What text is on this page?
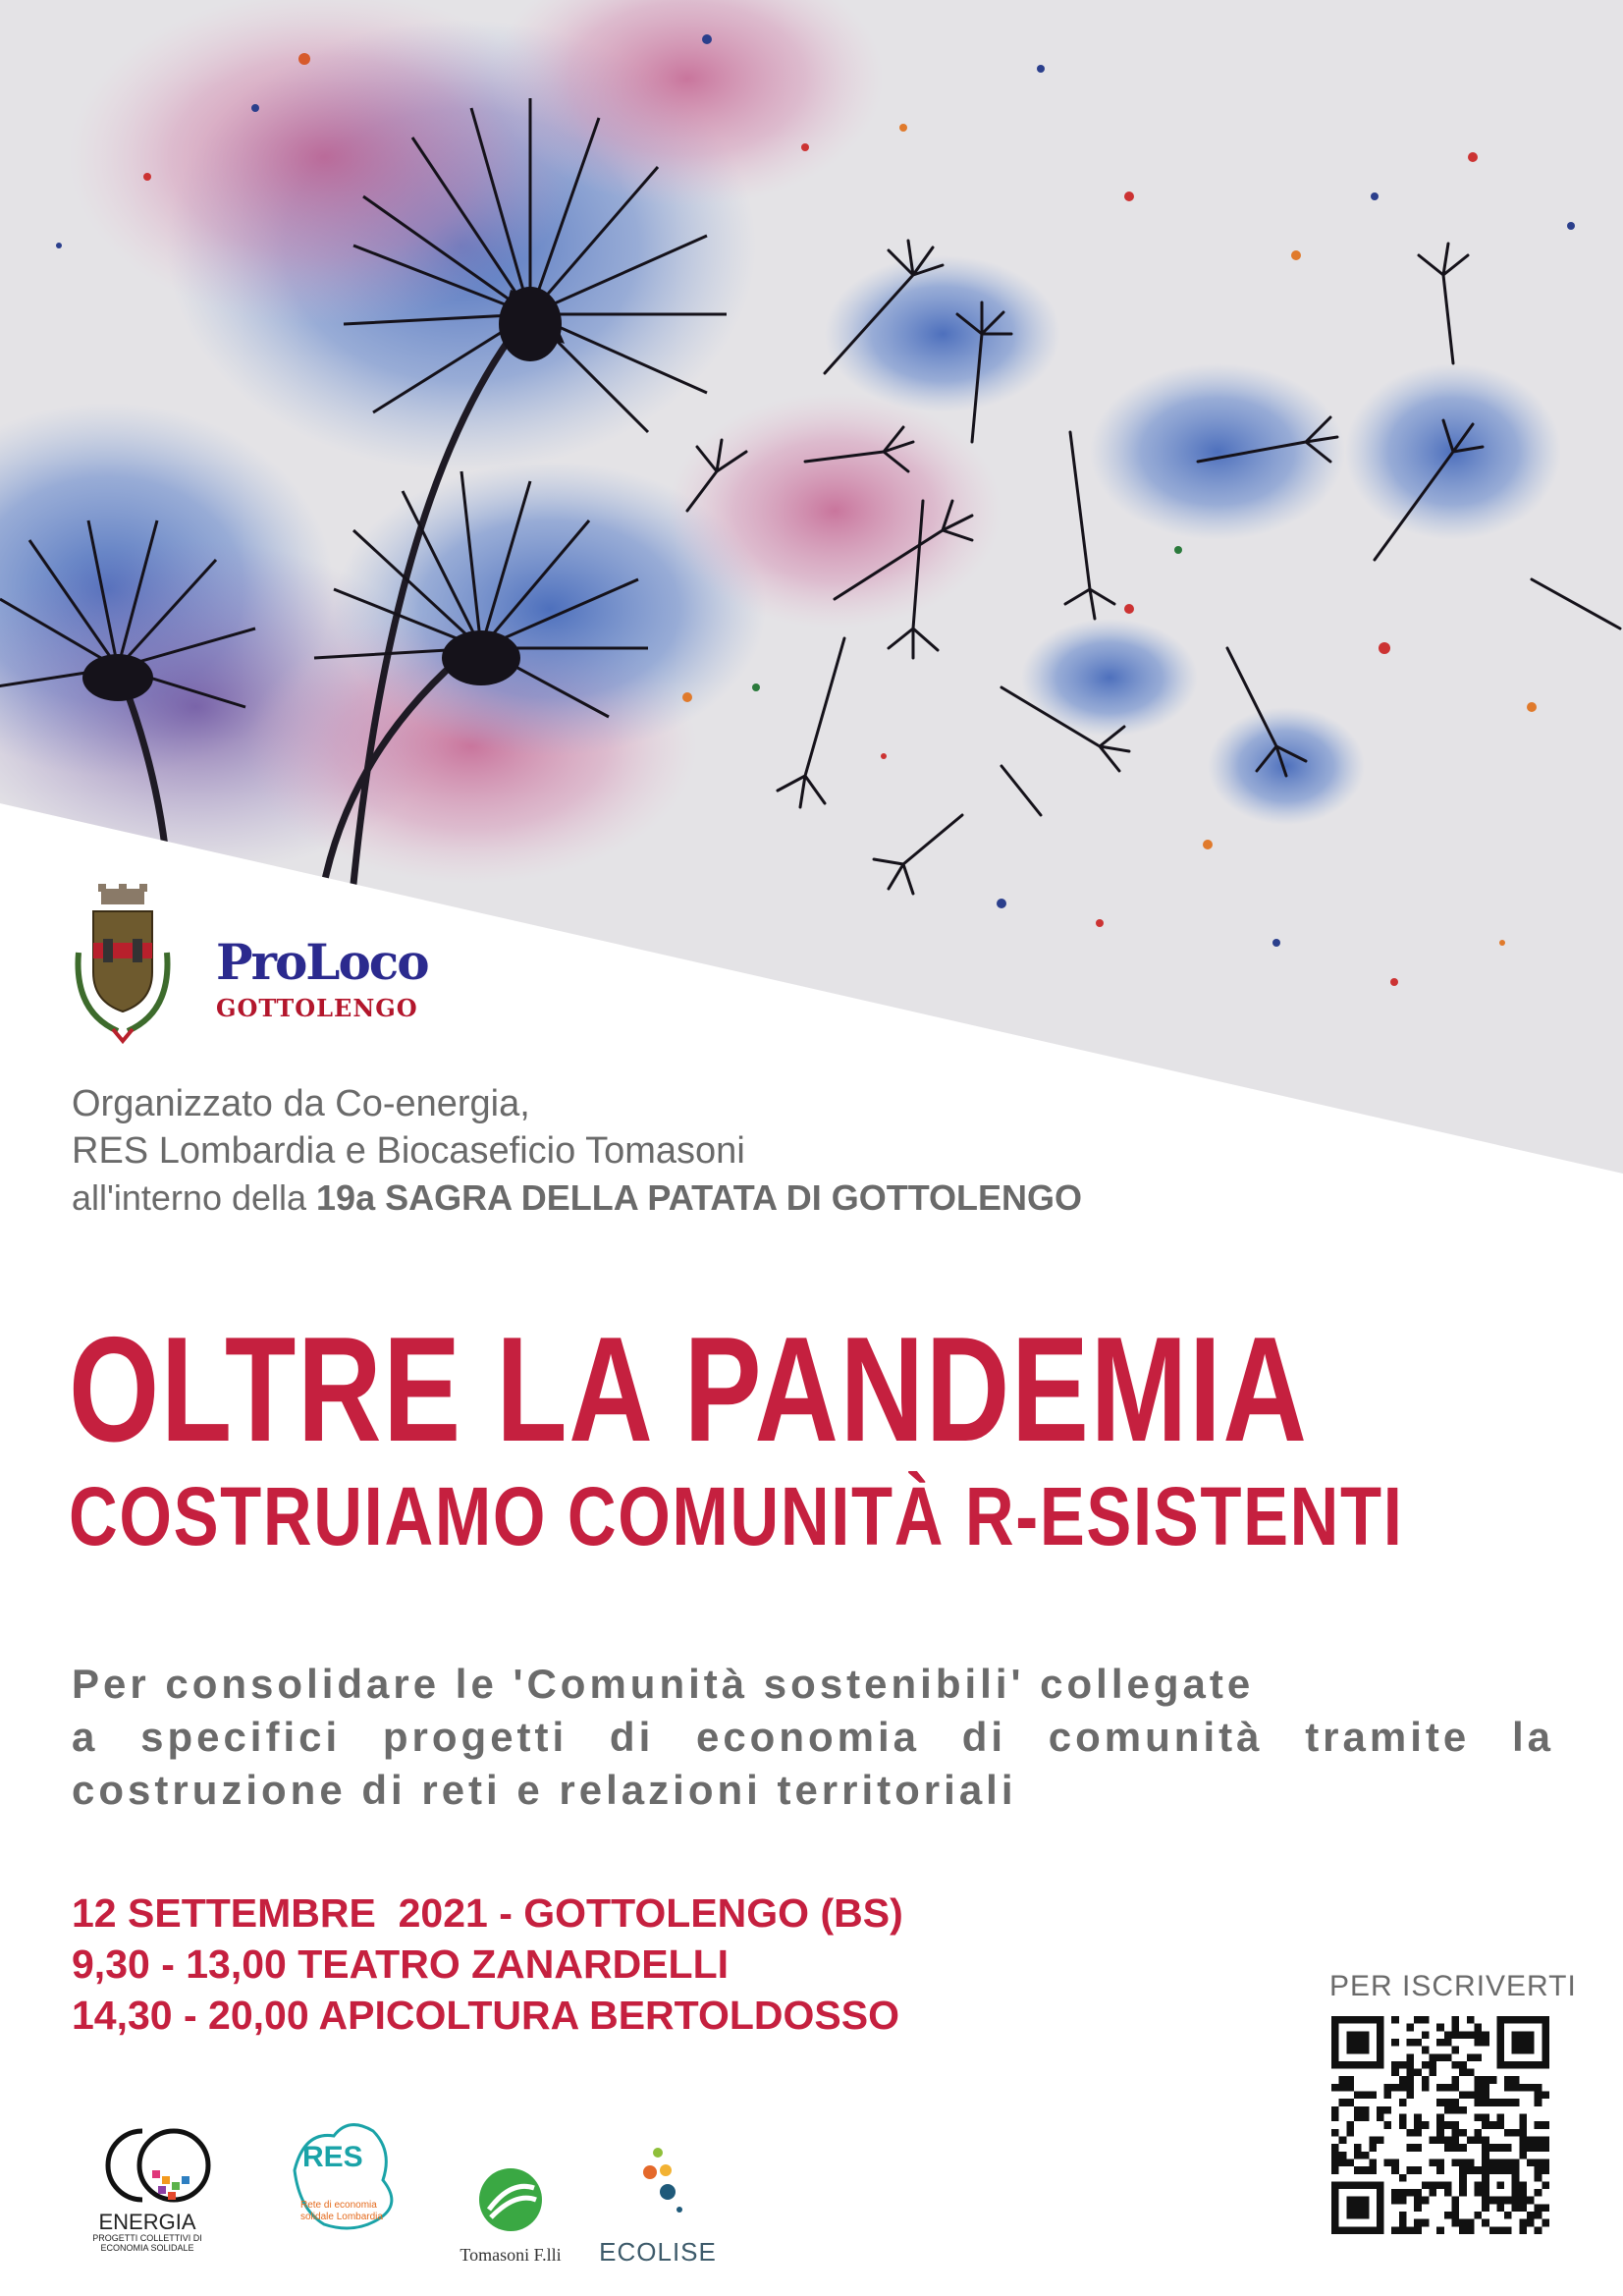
ProLoco
GOTTOLENGO
Organizzato da Co-energia,
RES Lombardia e Biocaseficio Tomasoni
all'interno della 19a SAGRA DELLA PATATA DI GOTTOLENGO
OLTRE LA PANDEMIA
COSTRUIAMO COMUNITÀ R-ESISTENTI
Per consolidare le 'Comunità sostenibili' collegate
a specifici progetti di economia di comunità tramite la
costruzione di reti e relazioni territoriali
12 SETTEMBRE  2021 - GOTTOLENGO (BS)
9,30 - 13,00 TEATRO ZANARDELLI
14,30 - 20,00 APICOLTURA BERTOLDOSSO
PER ISCRIVERTI
ENERGIA
PROGETTI COLLETTIVI DI ECONOMIA SOLIDALE
RES
Rete di economia solidale Lombardia
Tomasoni F.lli	ECOLISE
